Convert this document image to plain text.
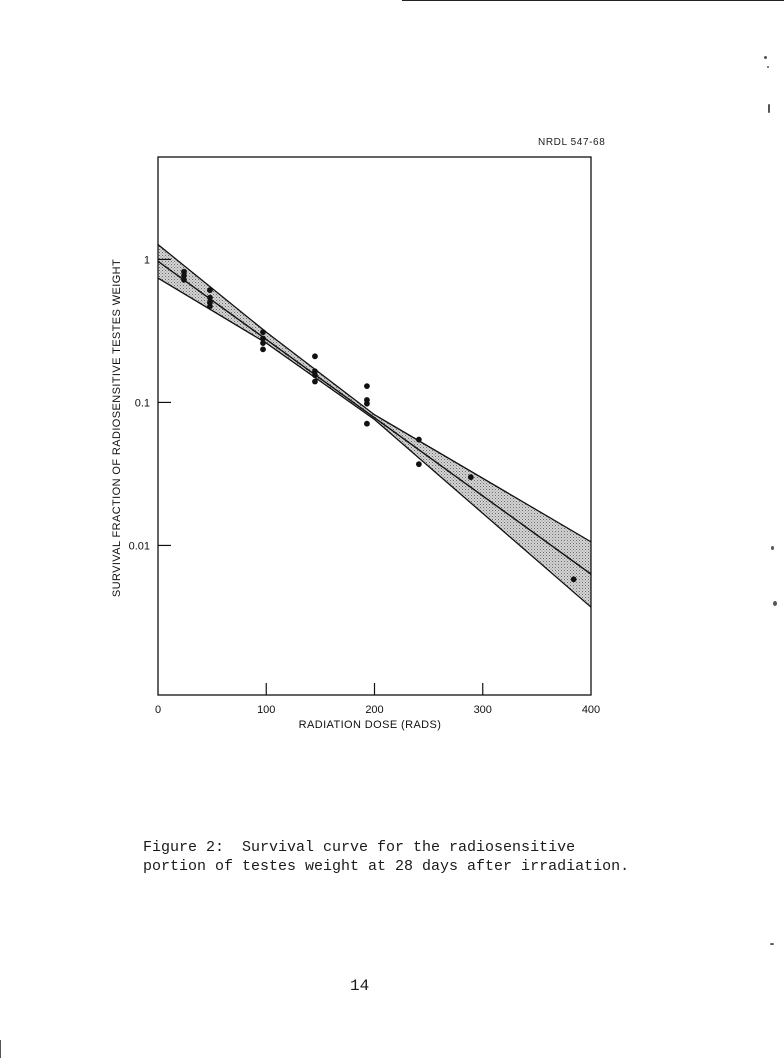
NRDL 547-68
0	100	200	300	400
1
0.1
0.01
RADIATION DOSE (RADS)
SURVIVAL FRACTION OF RADIOSENSITIVE TESTES WEIGHT
Figure 2:  Survival curve for the radiosensitive
portion of testes weight at 28 days after irradiation.
14
